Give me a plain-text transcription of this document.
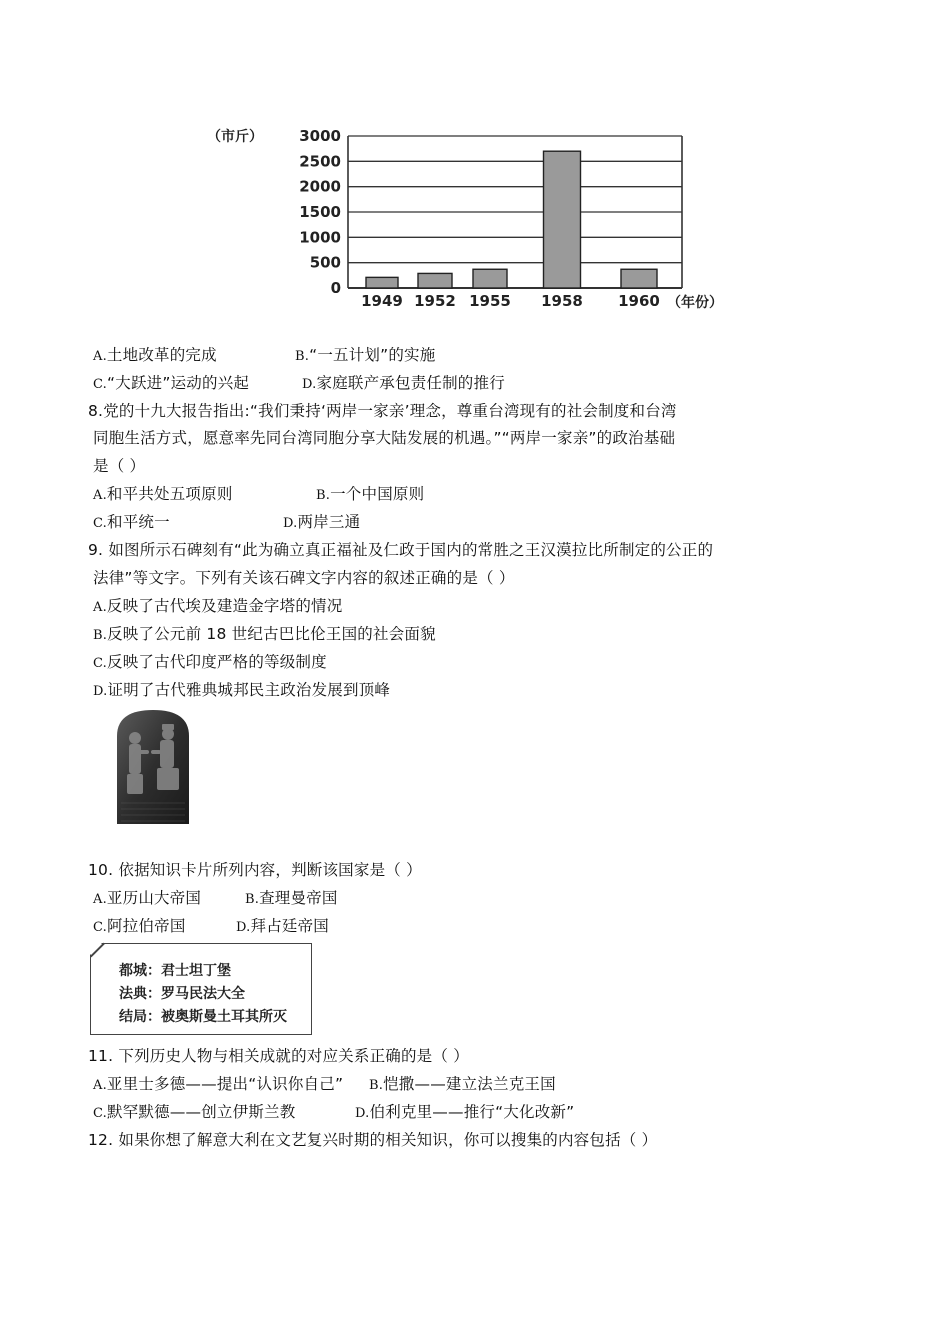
（市斤） 3000
2500
2000
1500
1000
500
0
1949 1952 1955 1958 1960 （年份）
A.土地改革的完成	B.“一五计划”的实施
C.“大跃进”运动的兴起	D.家庭联产承包责任制的推行
8.党的十九大报告指出:“我们秉持‘两岸一家亲’理念，尊重台湾现有的社会制度和台湾
同胞生活方式，愿意率先同台湾同胞分享大陆发展的机遇。”“两岸一家亲”的政治基础
是（ ）
A.和平共处五项原则	B.一个中国原则
C.和平统一	D.两岸三通
9. 如图所示石碑刻有“此为确立真正福祉及仁政于国内的常胜之王汉漠拉比所制定的公正的
法律”等文字。下列有关该石碑文字内容的叙述正确的是（ ）
A.反映了古代埃及建造金字塔的情况
B.反映了公元前 18 世纪古巴比伦王国的社会面貌
C.反映了古代印度严格的等级制度
D.证明了古代雅典城邦民主政治发展到顶峰
10. 依据知识卡片所列内容，判断该国家是（ ）
A.亚历山大帝国	B.查理曼帝国
C.阿拉伯帝国	D.拜占廷帝国
都城：君士坦丁堡
法典：罗马民法大全
结局：被奥斯曼土耳其所灭
11. 下列历史人物与相关成就的对应关系正确的是（ ）
A.亚里士多德——提出“认识你自己” B.恺撒——建立法兰克王国
C.默罕默德——创立伊斯兰教	D.伯利克里——推行“大化改新”
12. 如果你想了解意大利在文艺复兴时期的相关知识，你可以搜集的内容包括（ ）
